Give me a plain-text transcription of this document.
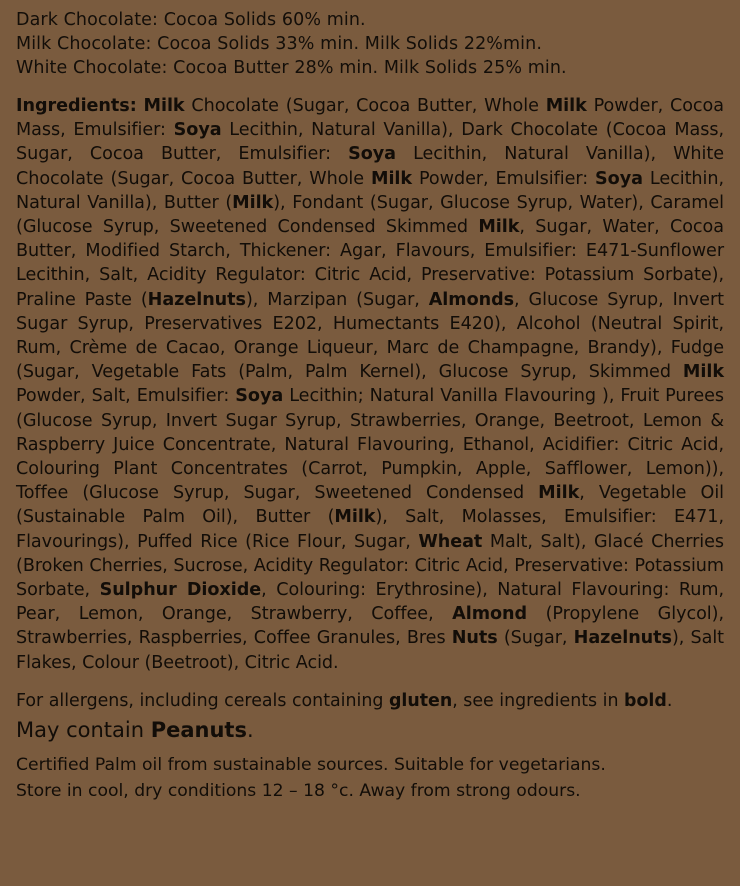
Dark Chocolate: Cocoa Solids 60% min.
Milk Chocolate: Cocoa Solids 33% min. Milk Solids 22%min.
White Chocolate: Cocoa Butter 28% min. Milk Solids 25% min.
Ingredients: Milk Chocolate (Sugar, Cocoa Butter, Whole Milk Powder, Cocoa Mass, Emulsifier: Soya Lecithin, Natural Vanilla), Dark Chocolate (Cocoa Mass, Sugar, Cocoa Butter, Emulsifier: Soya Lecithin, Natural Vanilla), White Chocolate (Sugar, Cocoa Butter, Whole Milk Powder, Emulsifier: Soya Lecithin, Natural Vanilla), Butter (Milk), Fondant (Sugar, Glucose Syrup, Water), Caramel (Glucose Syrup, Sweetened Condensed Skimmed Milk, Sugar, Water, Cocoa Butter, Modified Starch, Thickener: Agar, Flavours, Emulsifier: E471-Sunflower Lecithin, Salt, Acidity Regulator: Citric Acid, Preservative: Potassium Sorbate), Praline Paste (Hazelnuts), Marzipan (Sugar, Almonds, Glucose Syrup, Invert Sugar Syrup, Preservatives E202, Humectants E420), Alcohol (Neutral Spirit, Rum, Crème de Cacao, Orange Liqueur, Marc de Champagne, Brandy), Fudge (Sugar, Vegetable Fats (Palm, Palm Kernel), Glucose Syrup, Skimmed Milk Powder, Salt, Emulsifier: Soya Lecithin; Natural Vanilla Flavouring ), Fruit Purees (Glucose Syrup, Invert Sugar Syrup, Strawberries, Orange, Beetroot, Lemon & Raspberry Juice Concentrate, Natural Flavouring, Ethanol, Acidifier: Citric Acid, Colouring Plant Concentrates (Carrot, Pumpkin, Apple, Safflower, Lemon)), Toffee (Glucose Syrup, Sugar, Sweetened Condensed Milk, Vegetable Oil (Sustainable Palm Oil), Butter (Milk), Salt, Molasses, Emulsifier: E471, Flavourings), Puffed Rice (Rice Flour, Sugar, Wheat Malt, Salt), Glacé Cherries (Broken Cherries, Sucrose, Acidity Regulator: Citric Acid, Preservative: Potassium Sorbate, Sulphur Dioxide, Colouring: Erythrosine), Natural Flavouring: Rum, Pear, Lemon, Orange, Strawberry, Coffee, Almond (Propylene Glycol), Strawberries, Raspberries, Coffee Granules, Bres Nuts (Sugar, Hazelnuts), Salt Flakes, Colour (Beetroot), Citric Acid.
For allergens, including cereals containing gluten, see ingredients in bold.
May contain Peanuts.
Certified Palm oil from sustainable sources. Suitable for vegetarians.
Store in cool, dry conditions 12 – 18 °c. Away from strong odours.
